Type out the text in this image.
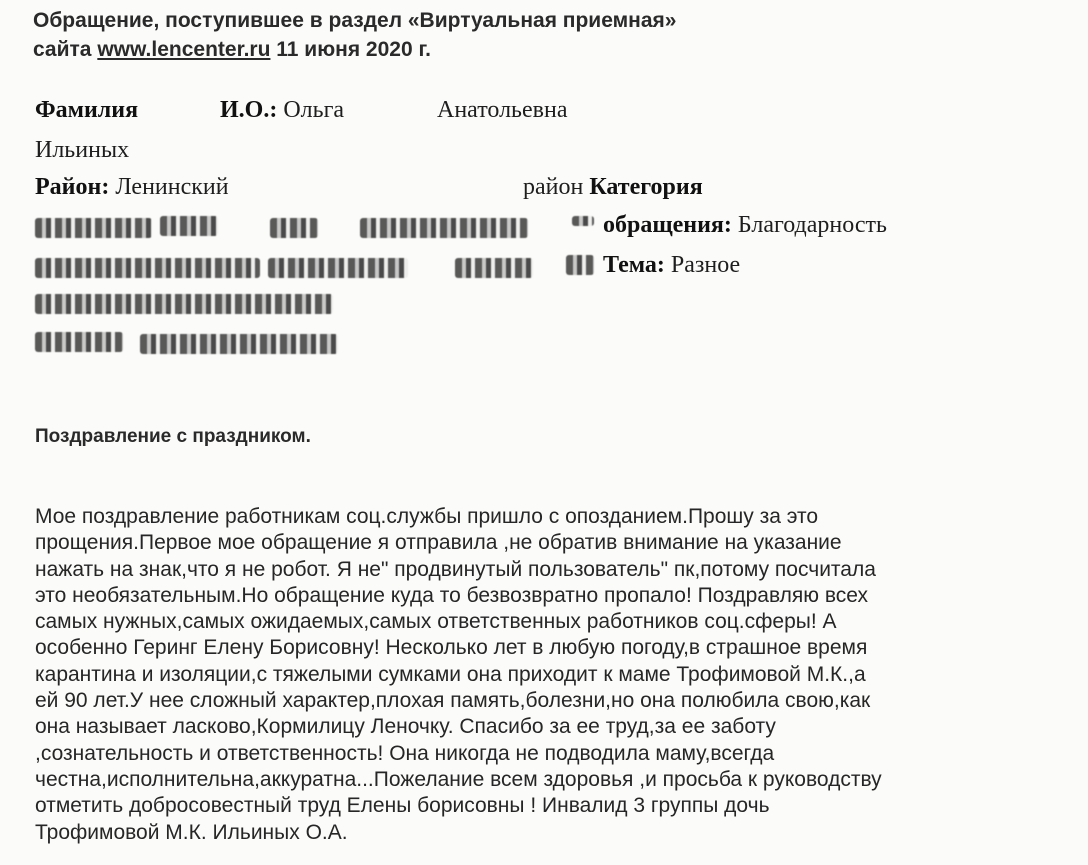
Обращение, поступившее в раздел «Виртуальная приемная»
сайта www.lencenter.ru 11 июня 2020 г.
Фамилия	И.О.: Ольга	Анатольевна
Ильиных
Район: Ленинский	район Категория
обращения: Благодарность
Тема: Разное
Поздравление с праздником.
Мое поздравление работникам соц.службы пришло с опозданием.Прошу за это
прощения.Первое мое обращение я отправила ,не обратив внимание на указание
нажать на знак,что я не робот. Я не" продвинутый пользователь" пк,потому посчитала
это необязательным.Но обращение куда то безвозвратно пропало! Поздравляю всех
самых нужных,самых ожидаемых,самых ответственных работников соц.сферы! А
особенно Геринг Елену Борисовну! Несколько лет в любую погоду,в страшное время
карантина и изоляции,с тяжелыми сумками она приходит к маме Трофимовой М.К.,а
ей 90 лет.У нее сложный характер,плохая память,болезни,но она полюбила свою,как
она называет ласково,Кормилицу Леночку. Спасибо за ее труд,за ее заботу
,сознательность и ответственность! Она никогда не подводила маму,всегда
честна,исполнительна,аккуратна...Пожелание всем здоровья ,и просьба к руководству
отметить добросовестный труд Елены борисовны ! Инвалид 3 группы дочь
Трофимовой М.К. Ильиных О.А.
